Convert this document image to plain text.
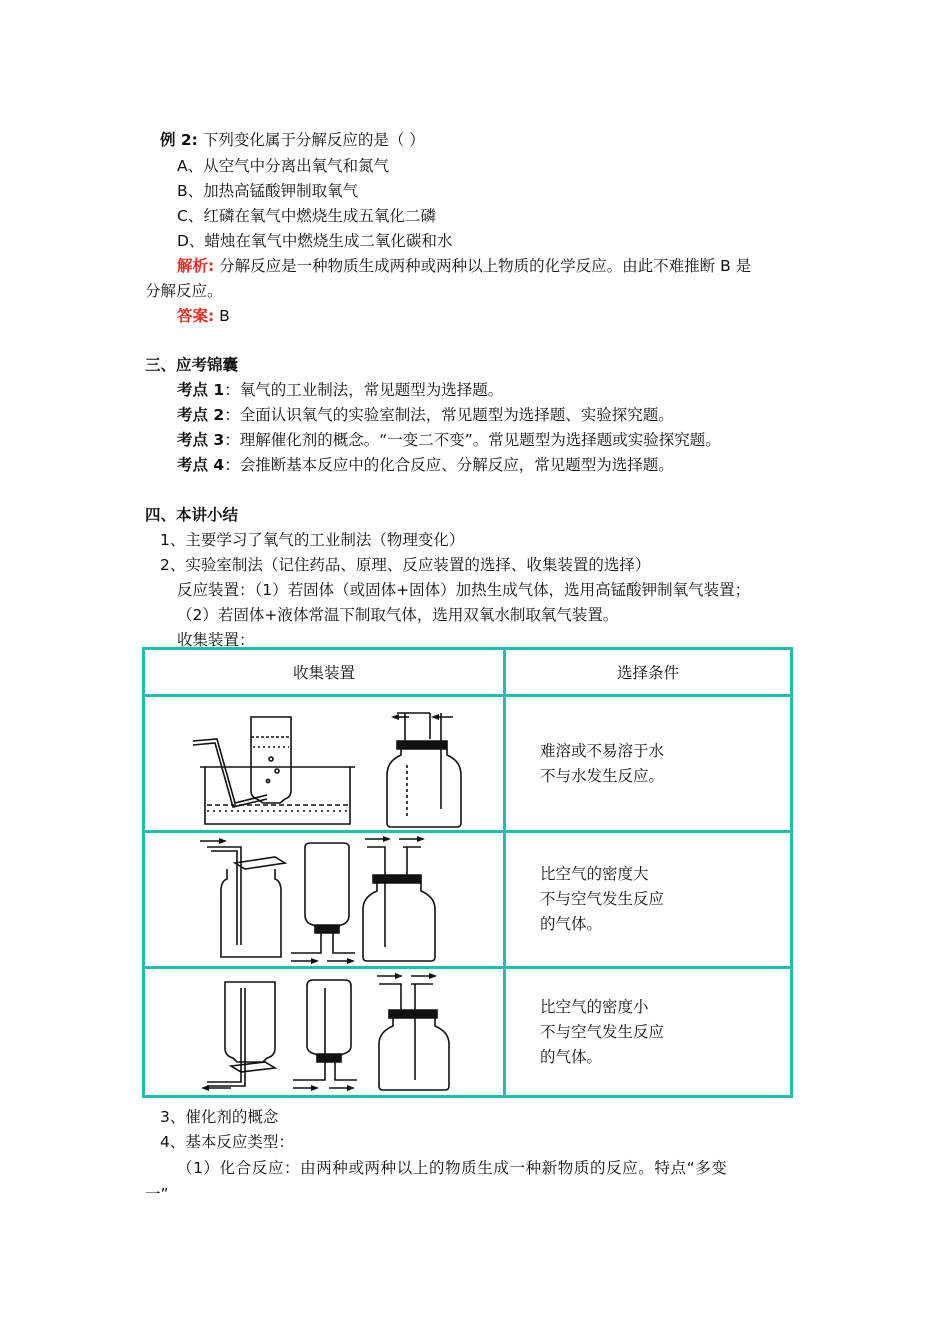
例 2: 下列变化属于分解反应的是（ ）
A、从空气中分离出氧气和氮气
B、加热高锰酸钾制取氧气
C、红磷在氧气中燃烧生成五氧化二磷
D、蜡烛在氧气中燃烧生成二氧化碳和水
解析: 分解反应是一种物质生成两种或两种以上物质的化学反应。由此不难推断 B 是
分解反应。
答案: B
三、应考锦囊
考点 1：氧气的工业制法，常见题型为选择题。
考点 2：全面认识氧气的实验室制法，常见题型为选择题、实验探究题。
考点 3：理解催化剂的概念。“一变二不变”。常见题型为选择题或实验探究题。
考点 4：会推断基本反应中的化合反应、分解反应，常见题型为选择题。
四、本讲小结
1、主要学习了氧气的工业制法（物理变化）
2、实验室制法（记住药品、原理、反应装置的选择、收集装置的选择）
反应装置：（1）若固体（或固体+固体）加热生成气体，选用高锰酸钾制氧气装置；
（2）若固体+液体常温下制取气体，选用双氧水制取氧气装置。
收集装置：
收集装置	选择条件

难溶或不易溶于水
不与水发生反应。

比空气的密度大
不与空气发生反应
的气体。

比空气的密度小
不与空气发生反应
的气体。
3、催化剂的概念
4、基本反应类型：
（1）化合反应：由两种或两种以上的物质生成一种新物质的反应。特点“多变
一”
